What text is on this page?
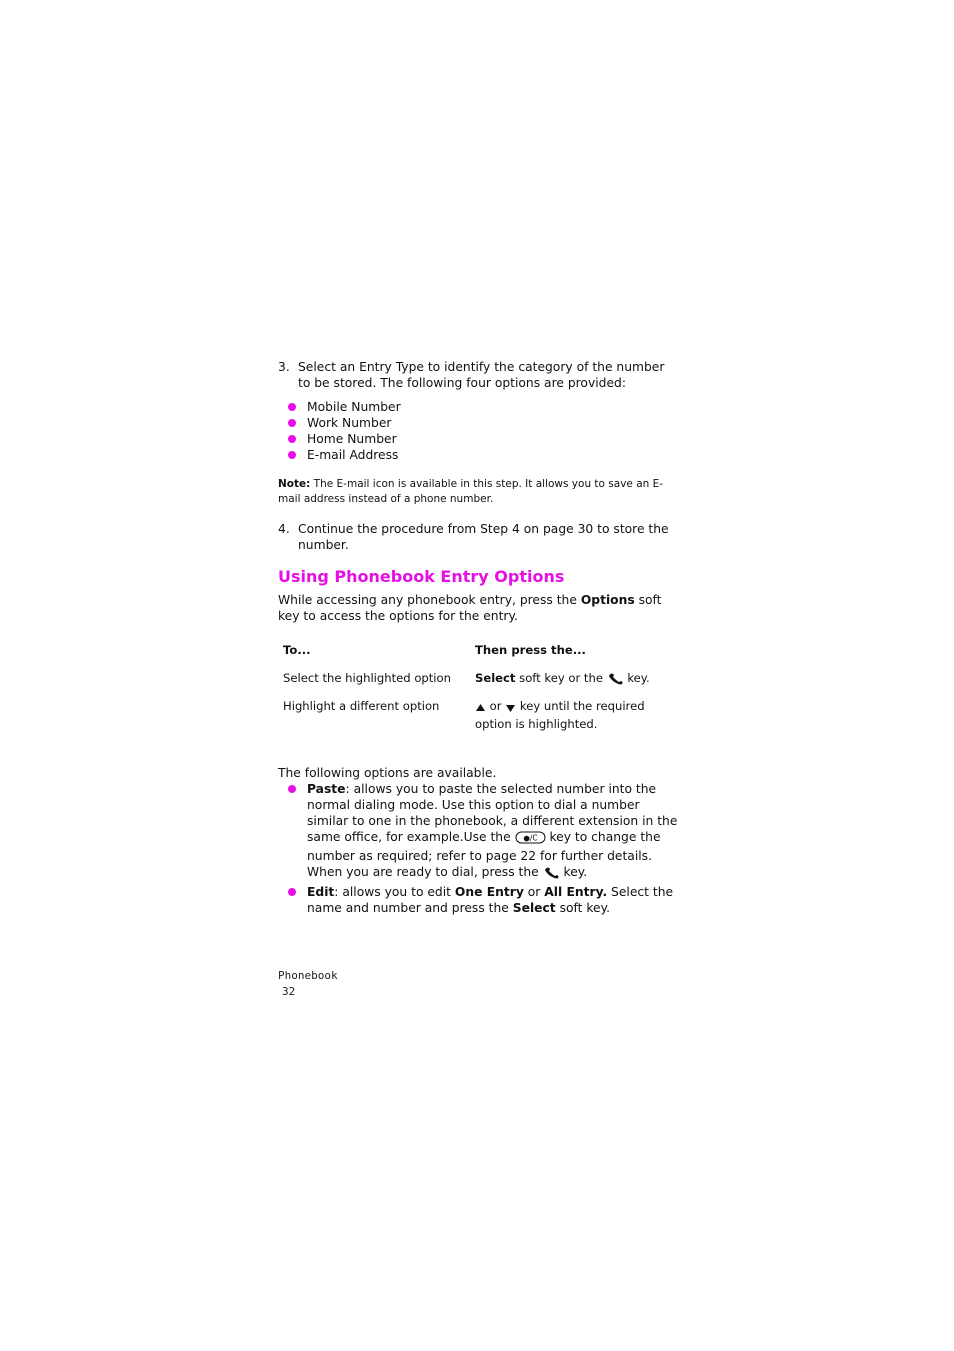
3. Select an Entry Type to identify the category of the number to be stored. The following four options are provided:
Mobile Number
Work Number
Home Number
E-mail Address

Note: The E-mail icon is available in this step. It allows you to save an E-mail address instead of a phone number.

4. Continue the procedure from Step 4 on page 30 to store the number.
Using Phonebook Entry Options

While accessing any phonebook entry, press the Options soft key to access the options for the entry.

To...	Then press the...
Select the highlighted option	Select soft key or the  key.
Highlight a different option	or  key until the required option is highlighted.

The following options are available.

Paste: allows you to paste the selected number into the normal dialing mode. Use this option to dial a number similar to one in the phonebook, a different extension in the same office, for example.Use the ●/C key to change the number as required; refer to page 22 for further details. When you are ready to dial, press the  key.
Edit: allows you to edit One Entry or All Entry. Select the name and number and press the Select soft key.
Phonebook
32
